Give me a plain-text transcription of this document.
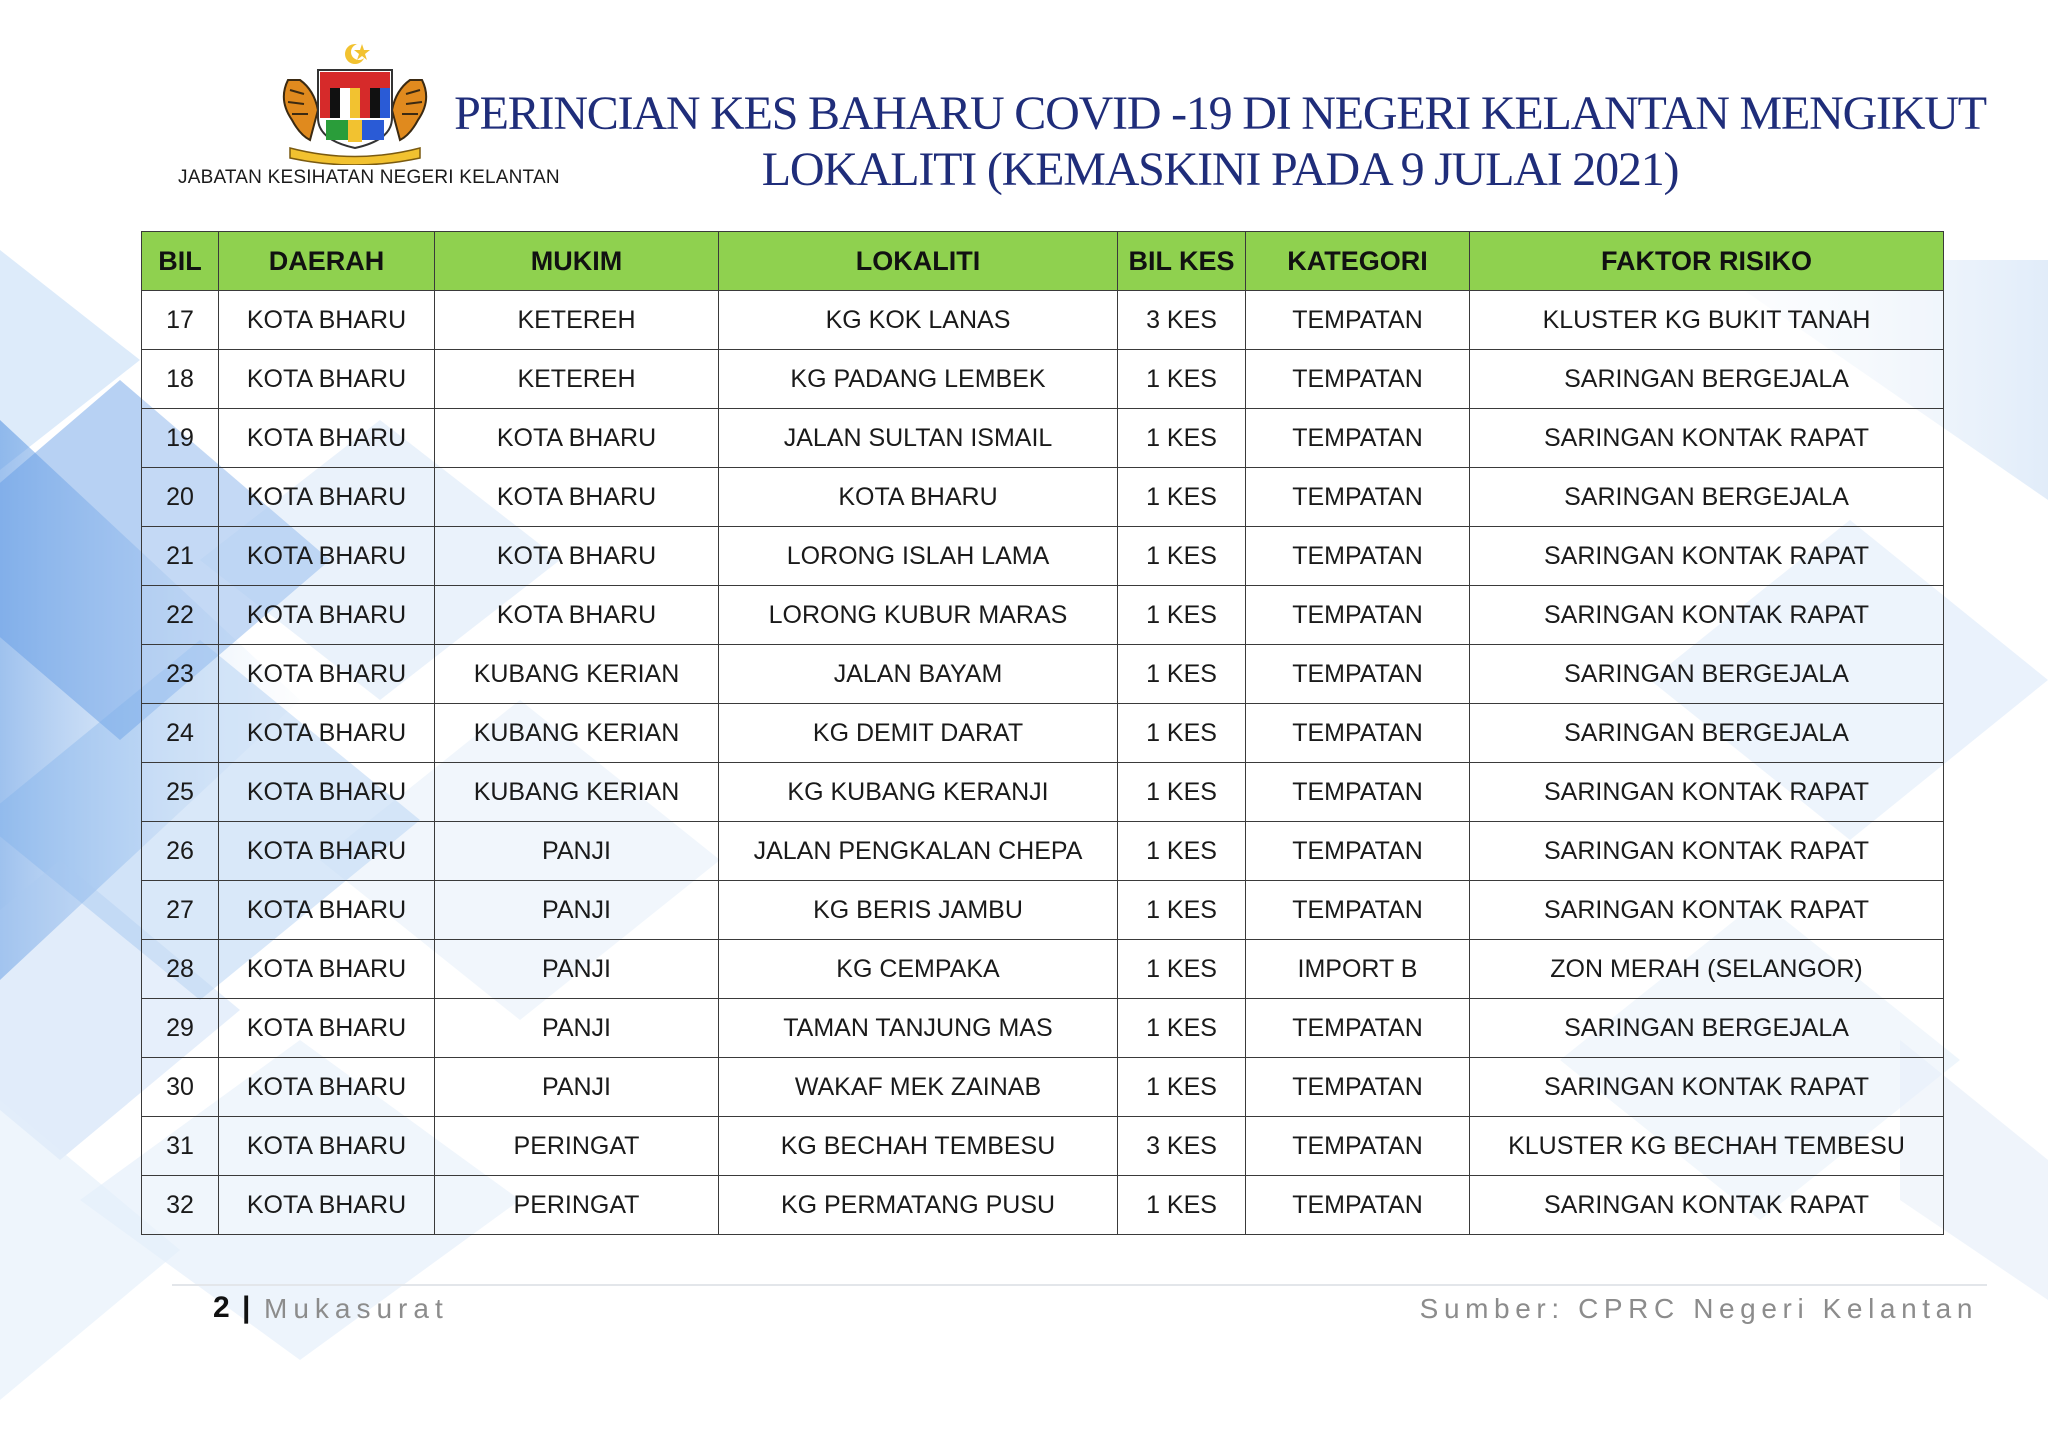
JABATAN KESIHATAN NEGERI KELANTAN
PERINCIAN KES BAHARU COVID -19 DI NEGERI KELANTAN MENGIKUT
LOKALITI (KEMASKINI PADA 9 JULAI 2021)
BIL	DAERAH	MUKIM	LOKALITI	BIL KES	KATEGORI	FAKTOR RISIKO
17	KOTA BHARU	KETEREH	KG KOK LANAS	3 KES	TEMPATAN	KLUSTER KG BUKIT TANAH
18	KOTA BHARU	KETEREH	KG PADANG LEMBEK	1 KES	TEMPATAN	SARINGAN BERGEJALA
19	KOTA BHARU	KOTA BHARU	JALAN SULTAN ISMAIL	1 KES	TEMPATAN	SARINGAN KONTAK RAPAT
20	KOTA BHARU	KOTA BHARU	KOTA BHARU	1 KES	TEMPATAN	SARINGAN BERGEJALA
21	KOTA BHARU	KOTA BHARU	LORONG ISLAH LAMA	1 KES	TEMPATAN	SARINGAN KONTAK RAPAT
22	KOTA BHARU	KOTA BHARU	LORONG KUBUR MARAS	1 KES	TEMPATAN	SARINGAN KONTAK RAPAT
23	KOTA BHARU	KUBANG KERIAN	JALAN BAYAM	1 KES	TEMPATAN	SARINGAN BERGEJALA
24	KOTA BHARU	KUBANG KERIAN	KG DEMIT DARAT	1 KES	TEMPATAN	SARINGAN BERGEJALA
25	KOTA BHARU	KUBANG KERIAN	KG KUBANG KERANJI	1 KES	TEMPATAN	SARINGAN KONTAK RAPAT
26	KOTA BHARU	PANJI	JALAN PENGKALAN CHEPA	1 KES	TEMPATAN	SARINGAN KONTAK RAPAT
27	KOTA BHARU	PANJI	KG BERIS JAMBU	1 KES	TEMPATAN	SARINGAN KONTAK RAPAT
28	KOTA BHARU	PANJI	KG CEMPAKA	1 KES	IMPORT B	ZON MERAH (SELANGOR)
29	KOTA BHARU	PANJI	TAMAN TANJUNG MAS	1 KES	TEMPATAN	SARINGAN BERGEJALA
30	KOTA BHARU	PANJI	WAKAF MEK ZAINAB	1 KES	TEMPATAN	SARINGAN KONTAK RAPAT
31	KOTA BHARU	PERINGAT	KG BECHAH TEMBESU	3 KES	TEMPATAN	KLUSTER KG BECHAH TEMBESU
32	KOTA BHARU	PERINGAT	KG PERMATANG PUSU	1 KES	TEMPATAN	SARINGAN KONTAK RAPAT
2 | Mukasurat	Sumber: CPRC Negeri Kelantan
